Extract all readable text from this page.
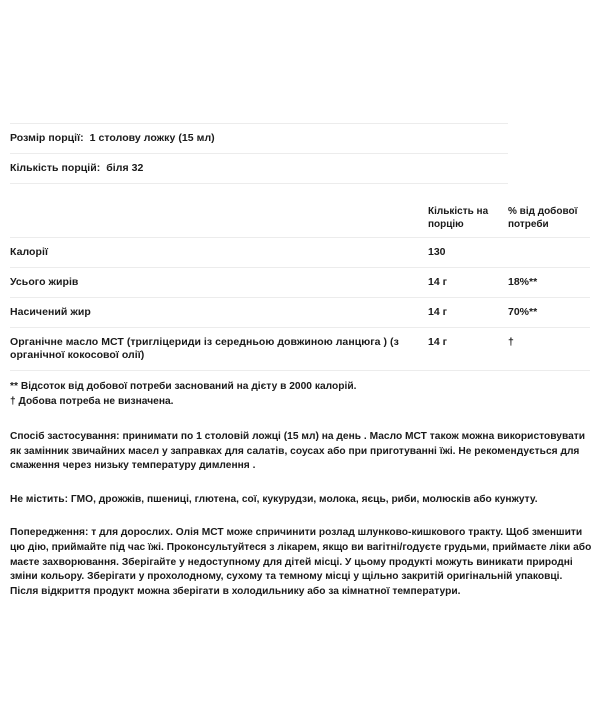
Розмір порції: 1 столову ложку (15 мл)		
Кількість порцій: біля 32		

	Кількість на порцію	% від добової потреби
Калорії	130	
Усього жирів	14 г	18%**
Насичений жир	14 г	70%**
Органічне масло МСТ (тригліцериди із середньою довжиною ланцюга ) (з органічної кокосової олії)	14 г	†
** Відсоток від добової потреби заснований на дієту в 2000 калорій.
† Добова потреба не визначена.
Спосіб застосування: принимати по 1 столовій ложці (15 мл) на день . Масло МСТ також можна використовувати як замінник звичайних масел у заправках для салатів, соусах або при приготуванні їжі. Не рекомендується для смаження через низьку температуру димлення .
Не містить: ГМО, дрожжів, пшениці, глютена, сої, кукурудзи, молока, яєць, риби, молюсків або кунжуту.
Попередження: т для дорослих. Олія МСТ може спричинити розлад шлунково-кишкового тракту. Щоб зменшити цю дію, приймайте під час їжі. Проконсультуйтеся з лікарем, якщо ви вагітні/годуєте грудьми, приймаєте ліки або маєте захворювання. Зберігайте у недоступному для дітей місці. У цьому продукті можуть виникати природні зміни кольору. Зберігати у прохолодному, сухому та темному місці у щільно закритій оригінальній упаковці. Після відкриття продукт можна зберігати в холодильнику або за кімнатної температури.
